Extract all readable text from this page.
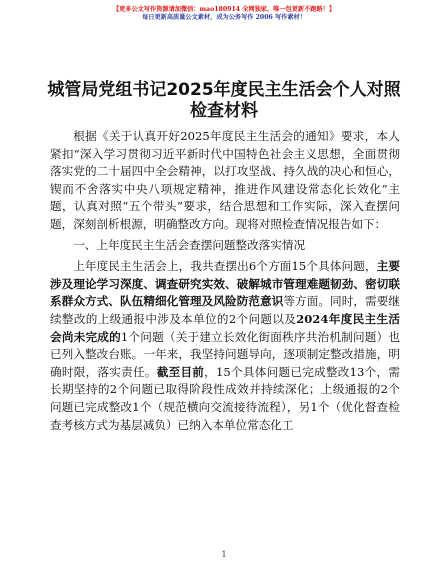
【更多公文写作资源请加微信：mao180914 全网独家，唯一包更新不跑路！】
每日更新高质量公文素材，成为公务写作 2006 写作素材！
城管局党组书记2025年度民主生活会个人对照检查材料

根据《关于认真开好2025年度民主生活会的通知》要求，本人紧扣“深入学习贯彻习近平新时代中国特色社会主义思想，全面贯彻落实党的二十届四中全会精神，以打攻坚战、持久战的决心和恒心，锲而不舍落实中央八项规定精神，推进作风建设常态化长效化”主题，认真对照“五个带头”要求，结合思想和工作实际，深入查摆问题，深刻剖析根源，明确整改方向。现将对照检查情况报告如下：

一、上年度民主生活会查摆问题整改落实情况

上年度民主生活会上，我共查摆出6个方面15个具体问题，主要涉及理论学习深度、调查研究实效、破解城市管理难题韧劲、密切联系群众方式、队伍精细化管理及风险防范意识等方面。同时，需要继续整改的上级通报中涉及本单位的2个问题以及2024年度民主生活会尚未完成的1个问题（关于建立长效化街面秩序共治机制问题）也已列入整改台账。一年来，我坚持问题导向，逐项制定整改措施，明确时限，落实责任。截至目前，15个具体问题已完成整改13个，需长期坚持的2个问题已取得阶段性成效并持续深化；上级通报的2个问题已完成整改1个（规范横向交流接待流程），另1个（优化督查检查考核方式为基层减负）已纳入本单位常态化工

1
